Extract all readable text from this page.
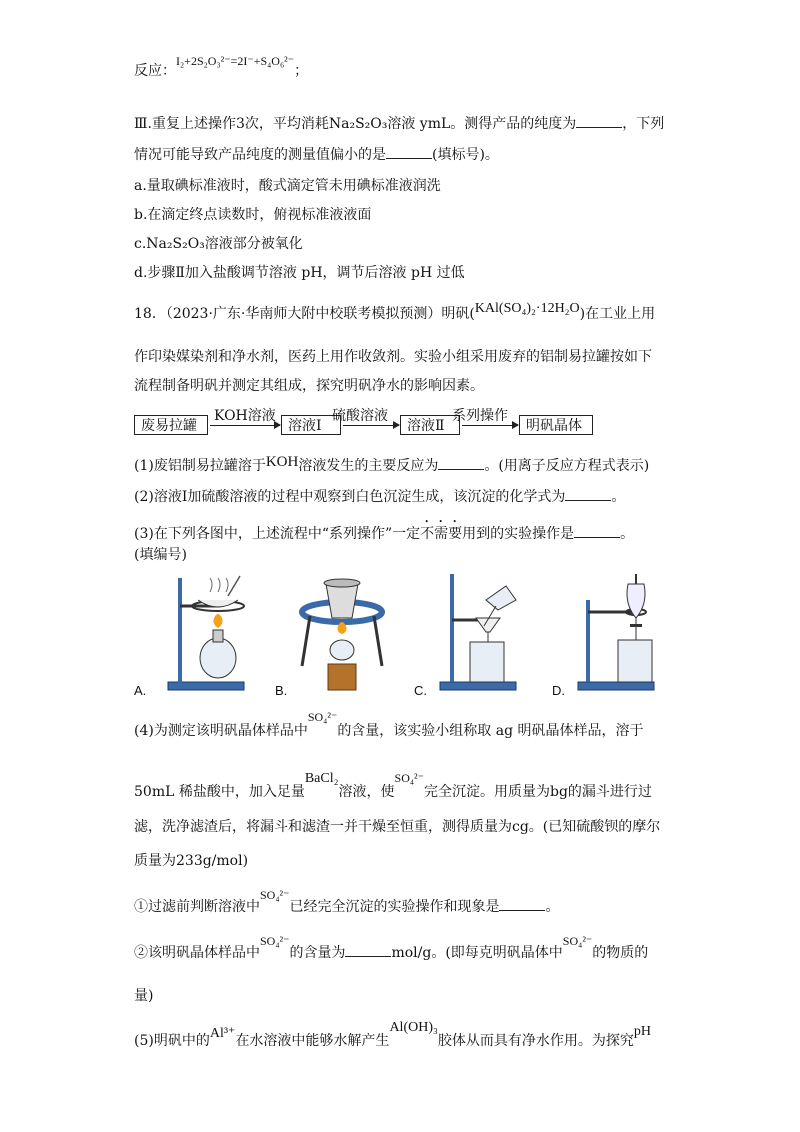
反应：I₂+2S₂O₃²⁻=2I⁻+S₄O₆²⁻；
Ⅲ.重复上述操作3次，平均消耗Na₂S₂O₃溶液 ymL。测得产品的纯度为	，下列
情况可能导致产品纯度的测量值偏小的是	(填标号)。
a.量取碘标准液时，酸式滴定管未用碘标准液润洗
b.在滴定终点读数时，俯视标准液液面
c.Na₂S₂O₃溶液部分被氧化
d.步骤Ⅱ加入盐酸调节溶液 pH，调节后溶液 pH 过低
18．（2023·广东·华南师大附中校联考模拟预测）明矾(KAl(SO₄)₂·12H₂O)在工业上用
作印染媒染剂和净水剂，医药上用作收敛剂。实验小组采用废弃的铝制易拉罐按如下
流程制备明矾并测定其组成，探究明矾净水的影响因素。
废易拉罐
KOH溶液
溶液Ⅰ
硫酸溶液
溶液Ⅱ
系列操作
明矾晶体
(1)废铝制易拉罐溶于KOH溶液发生的主要反应为	。(用离子反应方程式表示)
(2)溶液Ⅰ加硫酸溶液的过程中观察到白色沉淀生成，该沉淀的化学式为	。
(3)在下列各图中，上述流程中“系列操作”一定不需要用到的实验操作是	。
(填编号)
A.	B.	C.	D.
(4)为测定该明矾晶体样品中SO₄²⁻的含量，该实验小组称取 ag 明矾晶体样品，溶于
50mL 稀盐酸中，加入足量BaCl₂溶液，使SO₄²⁻完全沉淀。用质量为bg的漏斗进行过
滤，洗净滤渣后，将漏斗和滤渣一并干燥至恒重，测得质量为cg。(已知硫酸钡的摩尔
质量为233g/mol)
①过滤前判断溶液中SO₄²⁻已经完全沉淀的实验操作和现象是	。
②该明矾晶体样品中SO₄²⁻的含量为	mol/g。(即每克明矾晶体中SO₄²⁻的物质的
量)
(5)明矾中的Al³⁺在水溶液中能够水解产生Al(OH)₃胶体从而具有净水作用。为探究pH
